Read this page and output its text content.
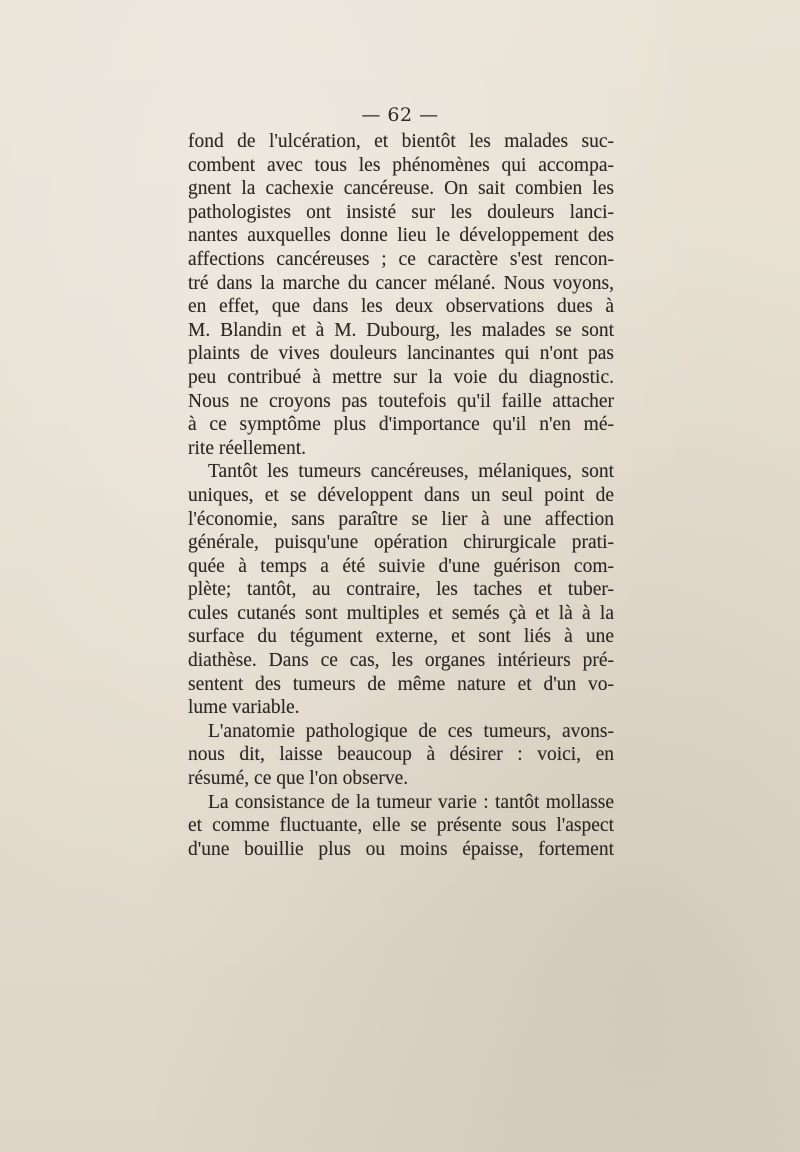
— 62 —
fond de l'ulcération, et bientôt les malades suc-
combent avec tous les phénomènes qui accompa-
gnent la cachexie cancéreuse. On sait combien les
pathologistes ont insisté sur les douleurs lanci-
nantes auxquelles donne lieu le développement des
affections cancéreuses ; ce caractère s'est rencon-
tré dans la marche du cancer mélané. Nous voyons,
en effet, que dans les deux observations dues à
M. Blandin et à M. Dubourg, les malades se sont
plaints de vives douleurs lancinantes qui n'ont pas
peu contribué à mettre sur la voie du diagnostic.
Nous ne croyons pas toutefois qu'il faille attacher
à ce symptôme plus d'importance qu'il n'en mé-
rite réellement.
Tantôt les tumeurs cancéreuses, mélaniques, sont
uniques, et se développent dans un seul point de
l'économie, sans paraître se lier à une affection
générale, puisqu'une opération chirurgicale prati-
quée à temps a été suivie d'une guérison com-
plète; tantôt, au contraire, les taches et tuber-
cules cutanés sont multiples et semés çà et là à la
surface du tégument externe, et sont liés à une
diathèse. Dans ce cas, les organes intérieurs pré-
sentent des tumeurs de même nature et d'un vo-
lume variable.
L'anatomie pathologique de ces tumeurs, avons-
nous dit, laisse beaucoup à désirer : voici, en
résumé, ce que l'on observe.
La consistance de la tumeur varie : tantôt mollasse
et comme fluctuante, elle se présente sous l'aspect
d'une bouillie plus ou moins épaisse, fortement
